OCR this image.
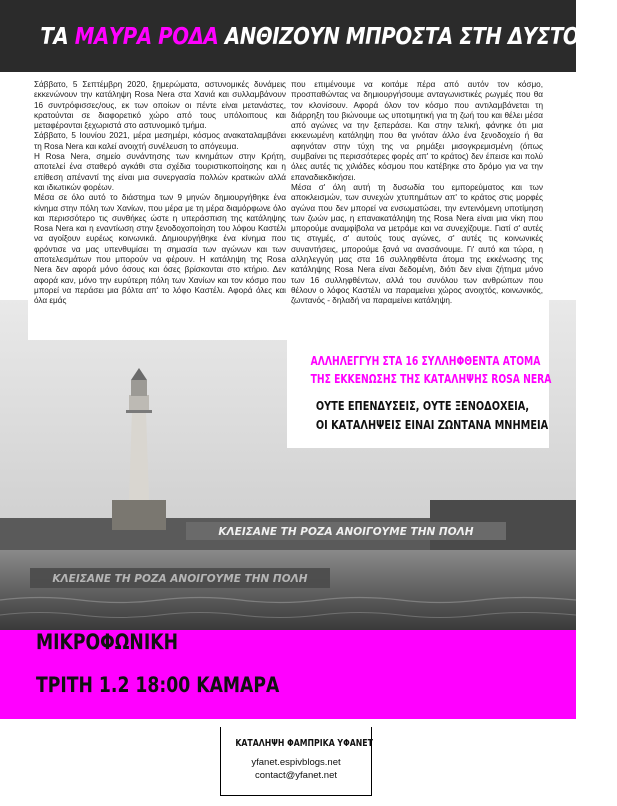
ΤΑ ΜΑΥΡΑ ΡΟΔΑ ΑΝΘΙΖΟΥΝ ΜΠΡΟΣΤΑ ΣΤΗ ΔΥΣΤΟΠΙΑ
ΚΛΕΙΣΑΝΕ ΤΗ ΡΟΖΑ ΑΝΟΙΓΟΥΜΕ ΤΗΝ ΠΟΛΗ
ΚΛΕΙΣΑΝΕ ΤΗ ΡΟΖΑ ΑΝΟΙΓΟΥΜΕ ΤΗΝ ΠΟΛΗ

Σάββατο, 5 Σεπτέμβρη 2020, ξημερώματα, αστυνομικές δυνάμεις εκκενώνουν την κατάληψη Rosa Nera στα Χανιά και συλλαμβάνουν 16 συντρόφισσες/ους, εκ των οποίων οι πέντε είναι μετανάστες, κρατούνται σε διαφορετικό χώρο από τους υπόλοιπους και μεταφέρονται ξεχωριστά στο αστυνομικό τμήμα.

Σάββατο, 5 Ιουνίου 2021, μέρα μεσημέρι, κόσμος ανακαταλαμβάνει τη Rosa Nera και καλεί ανοιχτή συνέλευση το απόγευμα.

Η Rosa Nera, σημείο συνάντησης των κινημάτων στην Κρήτη, αποτελεί ένα σταθερό αγκάθι στα σχέδια τουριστικοποίησης και η επίθεση απέναντί της είναι μια συνεργασία πολλών κρατικών αλλά και ιδιωτικών φορέων.

Μέσα σε όλο αυτό το διάστημα των 9 μηνών δημιουργήθηκε ένα κίνημα στην πόλη των Χανίων, που μέρα με τη μέρα διαμόρφωνε όλο και περισσότερο τις συνθήκες ώστε η υπεράσπιση της κατάληψης Rosa Nera και η εναντίωση στην ξενοδοχοποίηση του λόφου Καστέλι να αγοίξουν ευρέως κοινωνικά. Δημιουργήθηκε ένα κίνημα που φρόντισε να μας υπενθυμίσει τη σημασία των αγώνων και των αποτελεσμάτων που μπορούν να φέρουν. Η κατάληψη της Rosa Nera δεν αφορά μόνο όσους και όσες βρίσκονται στο κτήριο. Δεν αφορά καν, μόνο την ευρύτερη πόλη των Χανίων και τον κόσμο που μπορεί να περάσει μια βόλτα απ' το λόφο Καστέλι. Αφορά όλες και όλα εμάς

που επιμένουμε να κοιτάμε πέρα από αυτόν τον κόσμο, προσπαθώντας να δημιουργήσουμε ανταγωνιστικές ρωγμές που θα τον κλονίσουν. Αφορά όλον τον κόσμο που αντιλαμβάνεται τη διάρρηξη του βιώνουμε ως υποτιμητική για τη ζωή του και θέλει μέσα από αγώνες να την ξεπεράσει. Και στην τελική, φάνηκε ότι μια εκκενωμένη κατάληψη που θα γινόταν άλλο ένα ξενοδοχείο ή θα αφηνόταν στην τύχη της να ρημάξει μισογκρεμισμένη (όπως συμβαίνει τις περισσότερες φορές απ' το κράτος) δεν έπεισε και πολύ όλες αυτές τις χιλιάδες κόσμου που κατέβηκε στο δρόμο για να την επαναδιεκδικήσει.

Μέσα σ' όλη αυτή τη δυσωδία του εμπορεύματος και των αποκλεισμών, των συνεχών χτυπημάτων απ' το κράτος στις μορφές αγώνα που δεν μπορεί να ενσωματώσει, την εντεινόμενη υποτίμηση των ζωών μας, η επανακατάληψη της Rosa Nera είναι μια νίκη που μπορούμε αναμφίβολα να μετράμε και να συνεχίζουμε. Γιατί σ' αυτές τις στιγμές, σ' αυτούς τους αγώνες, σ' αυτές τις κοινωνικές συναντήσεις, μπορούμε ξανά να ανασάνουμε. Γι' αυτό και τώρα, η αλληλεγγύη μας στα 16 συλληφθέντα άτομα της εκκένωσης της κατάληψης Rosa Nera είναι δεδομένη, διότι δεν είναι ζήτημα μόνο των 16 συλληφθέντων, αλλά του συνόλου των ανθρώπων που θέλουν ο λόφος Καστέλι να παραμείνει χώρος ανοιχτός, κοινωνικός, ζωντανός - δηλαδή να παραμείνει κατάληψη.

ΑΛΛΗΛΕΓΓΥΗ ΣΤΑ 16 ΣΥΛΛΗΦΘΕΝΤΑ ΑΤΟΜΑ
ΤΗΣ ΕΚΚΕΝΩΣΗΣ ΤΗΣ ΚΑΤΑΛΗΨΗΣ ROSA NERA
ΟΥΤΕ ΕΠΕΝΔΥΣΕΙΣ, ΟΥΤΕ ΞΕΝΟΔΟΧΕΙΑ,
ΟΙ ΚΑΤΑΛΗΨΕΙΣ ΕΙΝΑΙ ΖΩΝΤΑΝΑ ΜΝΗΜΕΙΑ
ΜΙΚΡΟΦΩΝΙΚΗ
ΤΡΙΤΗ 1.2 18:00 ΚΑΜΑΡΑ
ΚΑΤΑΛΗΨΗ ΦΑΜΠΡΙΚΑ ΥΦΑΝΕΤ
yfanet.espivblogs.net
contact@yfanet.net
